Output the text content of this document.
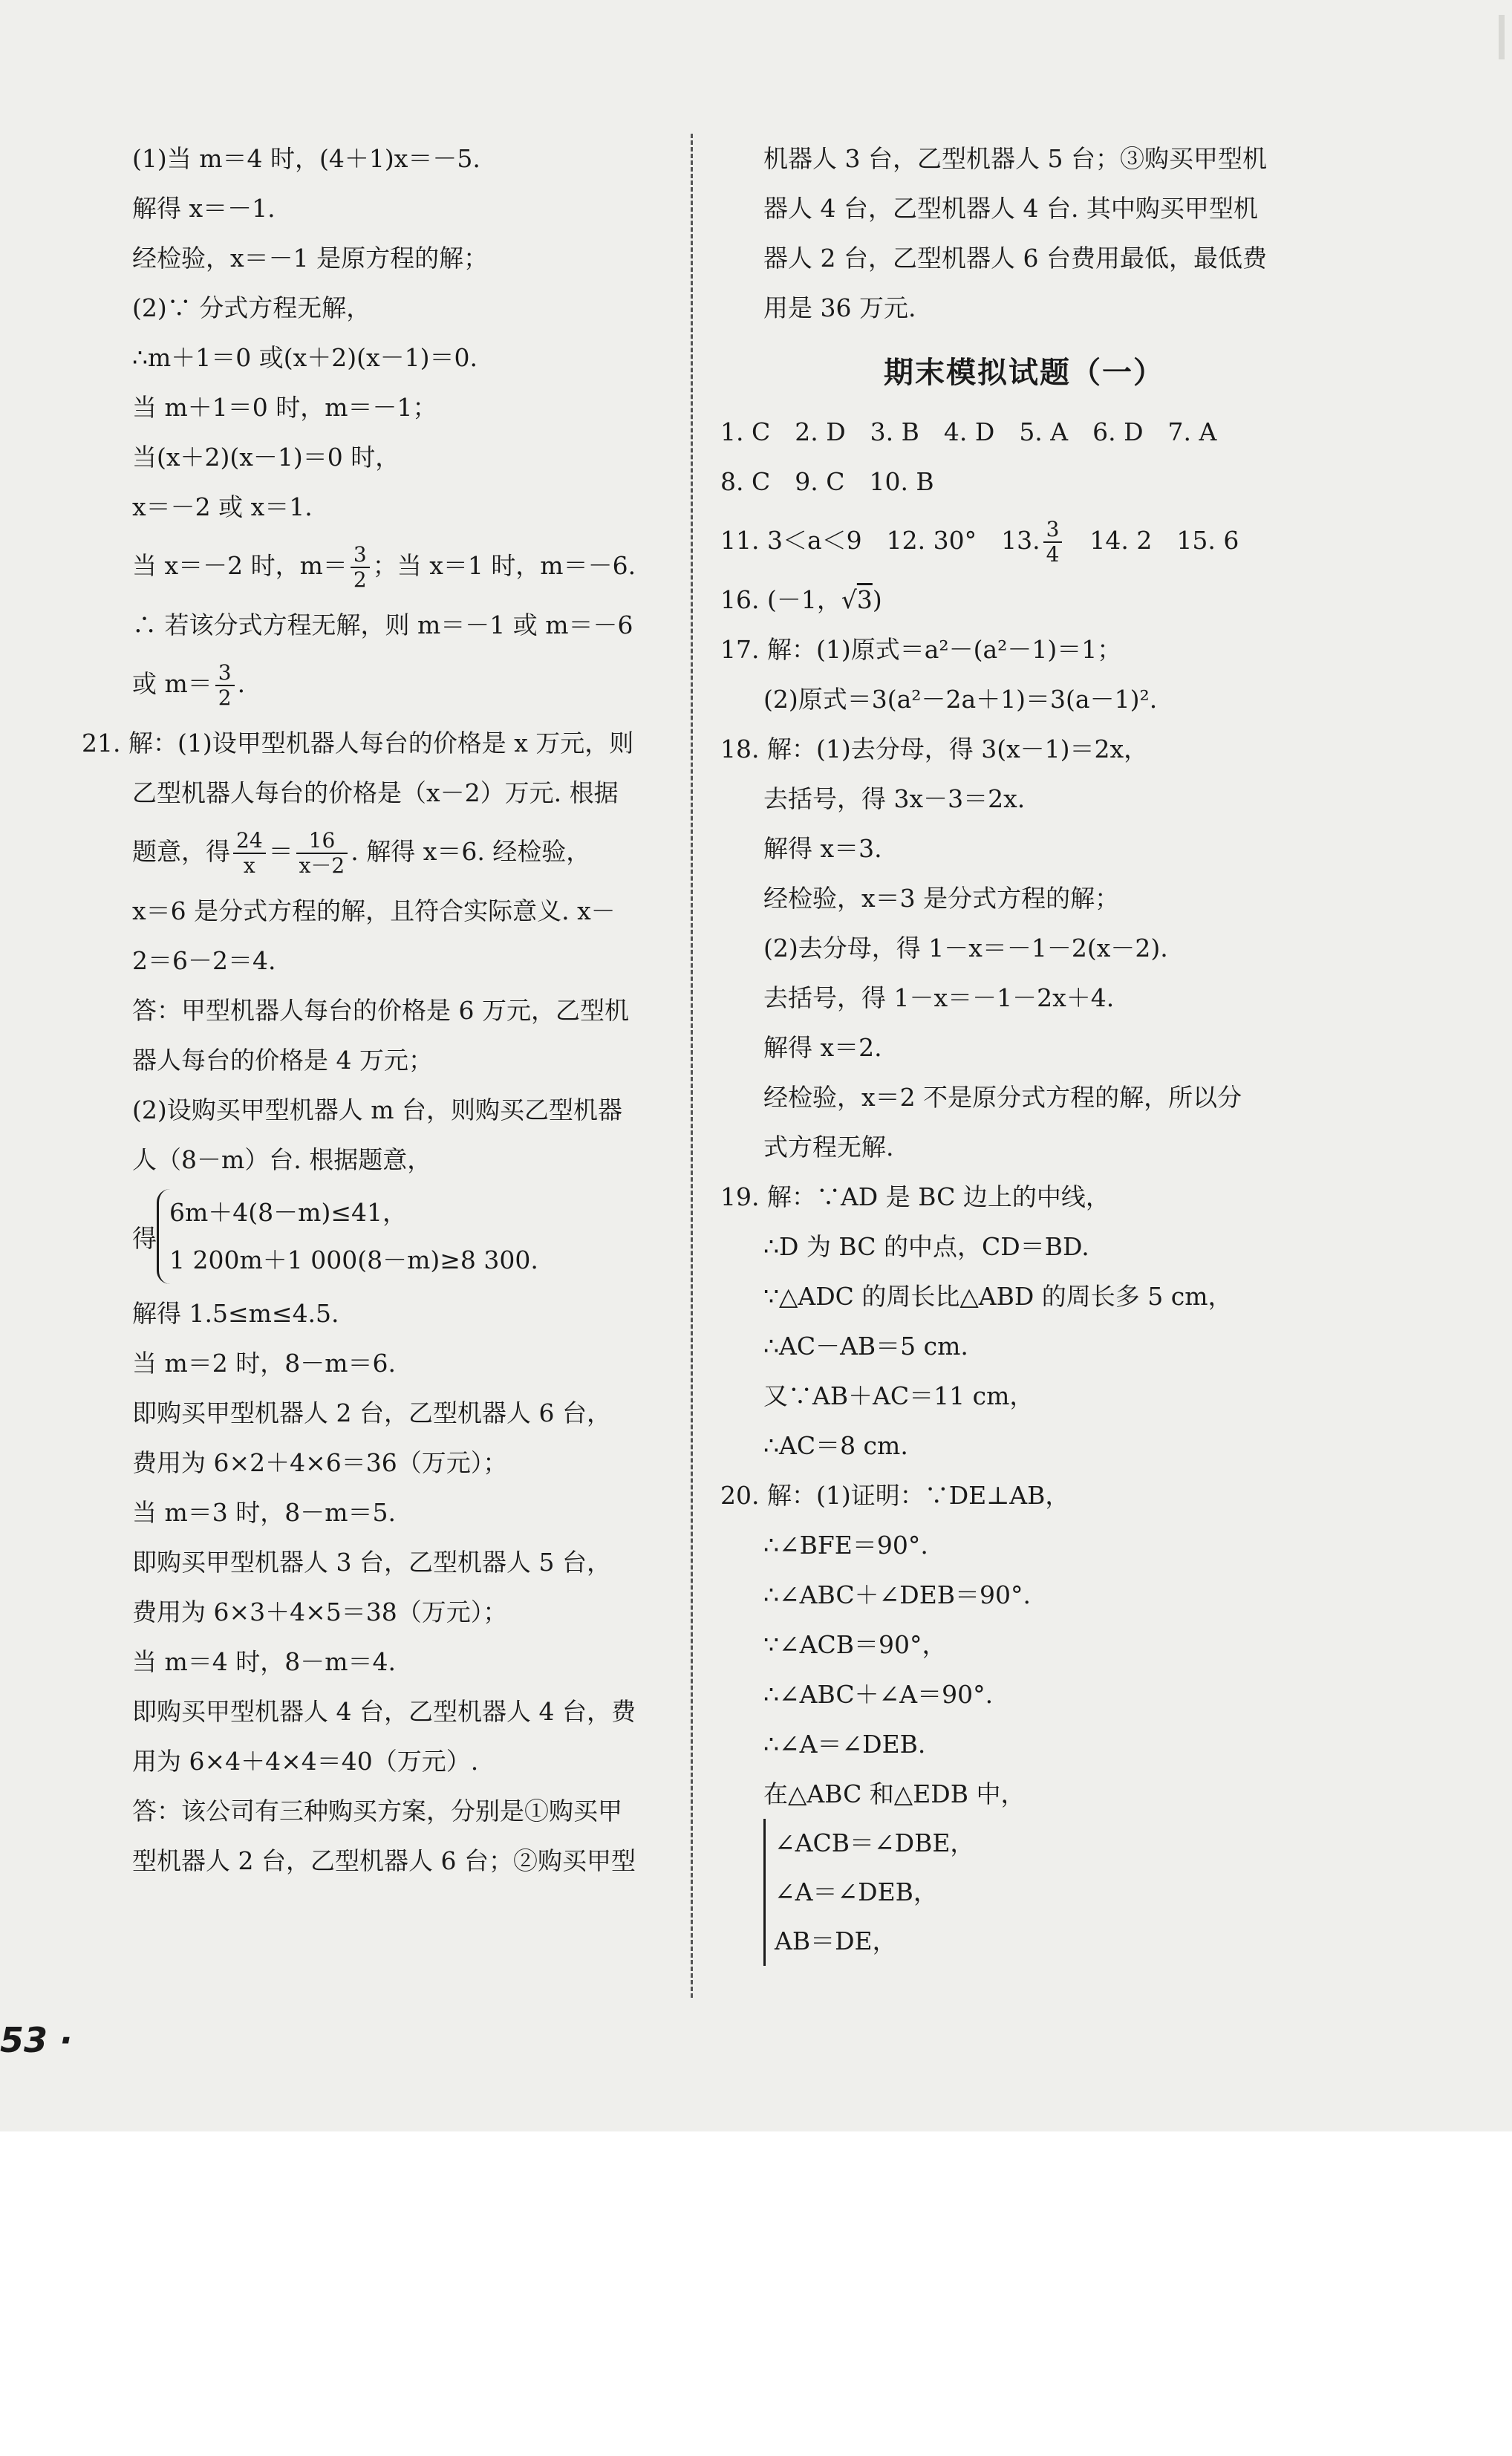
(1)当 m＝4 时，(4＋1)x＝－5.
解得 x＝－1.
经检验，x＝－1 是原方程的解；
(2)∵ 分式方程无解，
∴m＋1＝0 或(x＋2)(x－1)＝0.
当 m＋1＝0 时，m＝－1；
当(x＋2)(x－1)＝0 时，
x＝－2 或 x＝1.
当 x＝－2 时，$m= \frac{3}{2}$ ；当 x＝1 时，m＝－6.
∴ 若该分式方程无解，则 m＝－1 或 m＝－6
或 $m= \frac{3}{2}$ .
21. 解：(1)设甲型机器人每台的价格是 x 万元，则
乙型机器人每台的价格是（x－2）万元. 根据
题意，得 $\frac{24}{x} = \frac{16}{x-2}$ . 解得 x＝6. 经检验，
x＝6 是分式方程的解，且符合实际意义. x－
2＝6－2＝4.
答：甲型机器人每台的价格是 6 万元，乙型机
器人每台的价格是 4 万元；
(2)设购买甲型机器人 m 台，则购买乙型机器
人（8－m）台. 根据题意，
得
6m＋4(8－m)≤41，
1 200m＋1 000(8－m)≥8 300.
解得 1.5≤m≤4.5.
当 m＝2 时，8－m＝6.
即购买甲型机器人 2 台，乙型机器人 6 台，
费用为 6×2＋4×6＝36（万元）；
当 m＝3 时，8－m＝5.
即购买甲型机器人 3 台，乙型机器人 5 台，
费用为 6×3＋4×5＝38（万元）；
当 m＝4 时，8－m＝4.
即购买甲型机器人 4 台，乙型机器人 4 台，费
用为 6×4＋4×4＝40（万元）.
答：该公司有三种购买方案，分别是①购买甲
型机器人 2 台，乙型机器人 6 台；②购买甲型
机器人 3 台，乙型机器人 5 台；③购买甲型机
器人 4 台，乙型机器人 4 台. 其中购买甲型机
器人 2 台，乙型机器人 6 台费用最低，最低费
用是 36 万元.
1. C　2. D　3. B　4. D　5. A　6. D　7. A
8. C　9. C　10. B
11. 3＜a＜9　12. 30°　13. $\frac{3}{4}$ 　14. 2　15. 6
16. (－1，√3)
17. 解：(1)原式＝a²－(a²－1)＝1；
(2)原式＝3(a²－2a＋1)＝3(a－1)².
18. 解：(1)去分母，得 3(x－1)＝2x，
去括号，得 3x－3＝2x.
解得 x＝3.
经检验，x＝3 是分式方程的解；
(2)去分母，得 1－x＝－1－2(x－2).
去括号，得 1－x＝－1－2x＋4.
解得 x＝2.
经检验，x＝2 不是原分式方程的解，所以分
式方程无解.
19. 解：∵AD 是 BC 边上的中线，
∴D 为 BC 的中点，CD＝BD.
∵△ADC 的周长比△ABD 的周长多 5 cm，
∴AC－AB＝5 cm.
又∵AB＋AC＝11 cm，
∴AC＝8 cm.
20. 解：(1)证明：∵DE⊥AB，
∴∠BFE＝90°.
∴∠ABC＋∠DEB＝90°.
∵∠ACB＝90°，
∴∠ABC＋∠A＝90°.
∴∠A＝∠DEB.
在△ABC 和△EDB 中，
∠ACB＝∠DBE，
∠A＝∠DEB，
AB＝DE，
期末模拟试题（一）
53 ·
